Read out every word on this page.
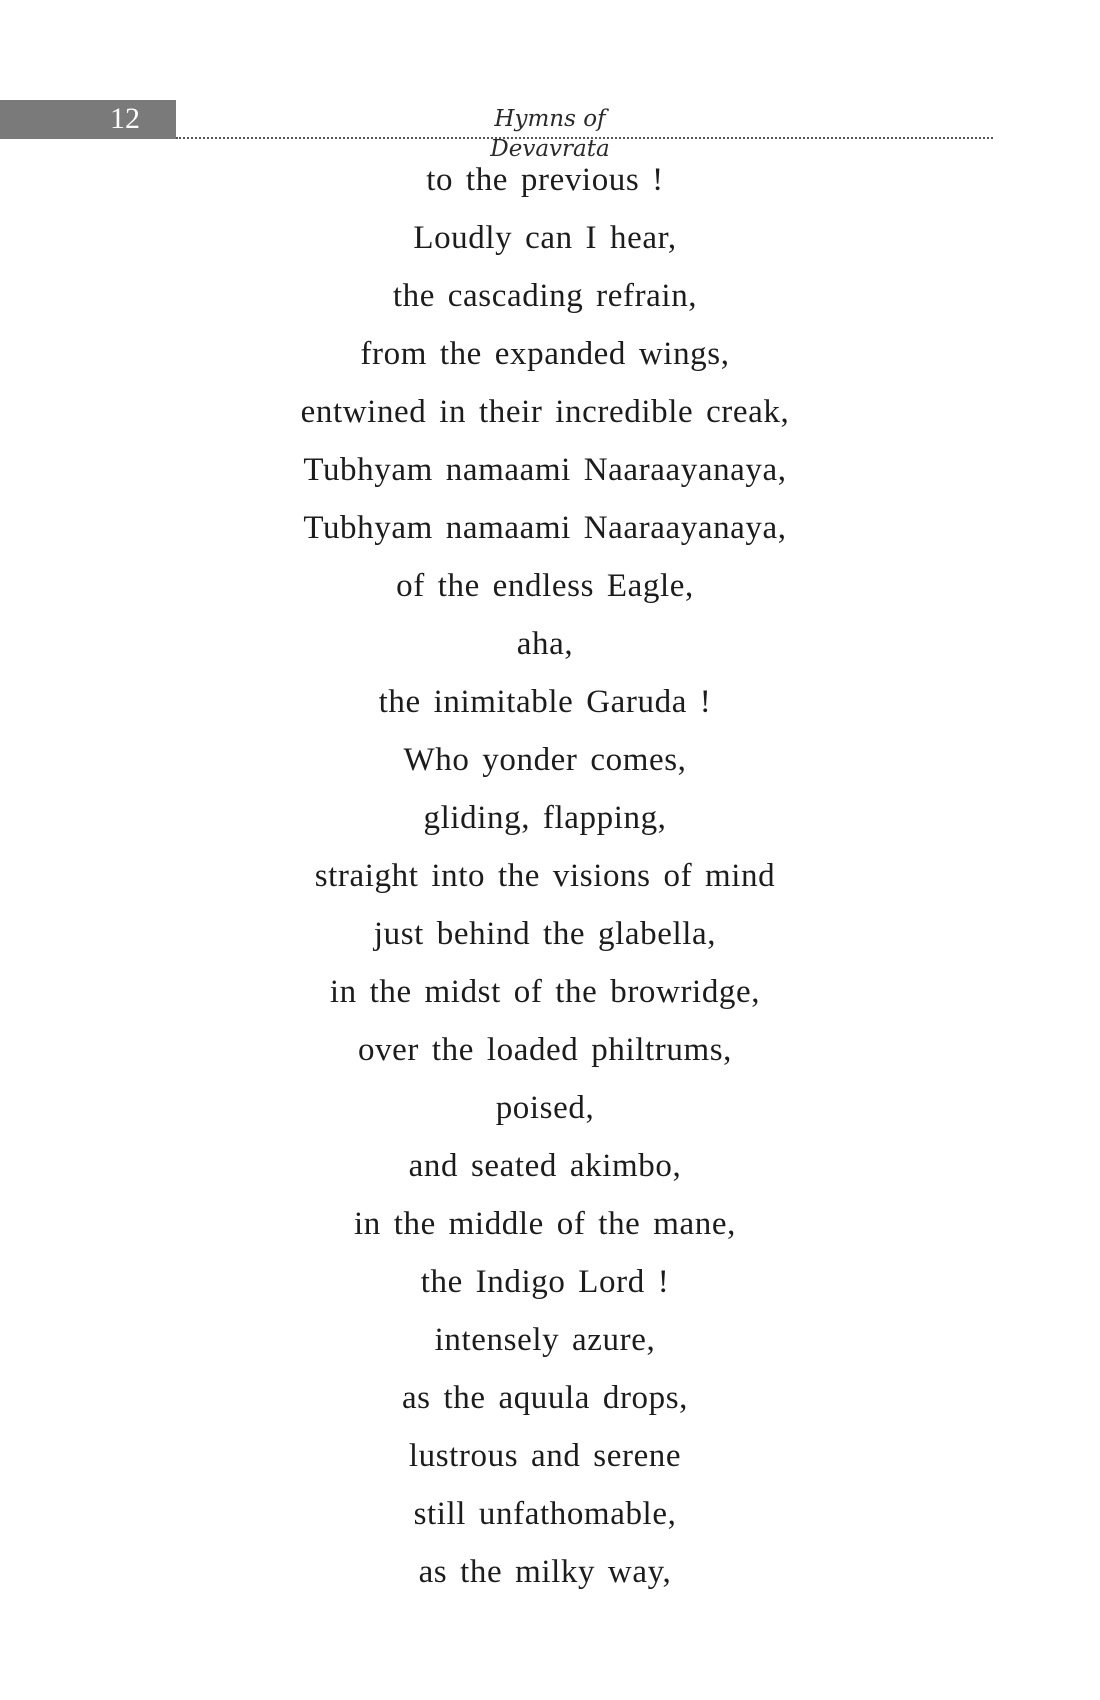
12	Hymns of Devavrata
to the previous !
Loudly can I hear,
the cascading refrain,
from the expanded wings,
entwined in their incredible creak,
Tubhyam namaami Naaraayanaya,
Tubhyam namaami Naaraayanaya,
of the endless Eagle,
aha,
the inimitable Garuda !
Who yonder comes,
gliding, flapping,
straight into the visions of mind
just behind the glabella,
in the midst of the browridge,
over the loaded philtrums,
poised,
and seated akimbo,
in the middle of the mane,
the Indigo Lord !
intensely azure,
as the aquula drops,
lustrous and serene
still unfathomable,
as the milky way,
